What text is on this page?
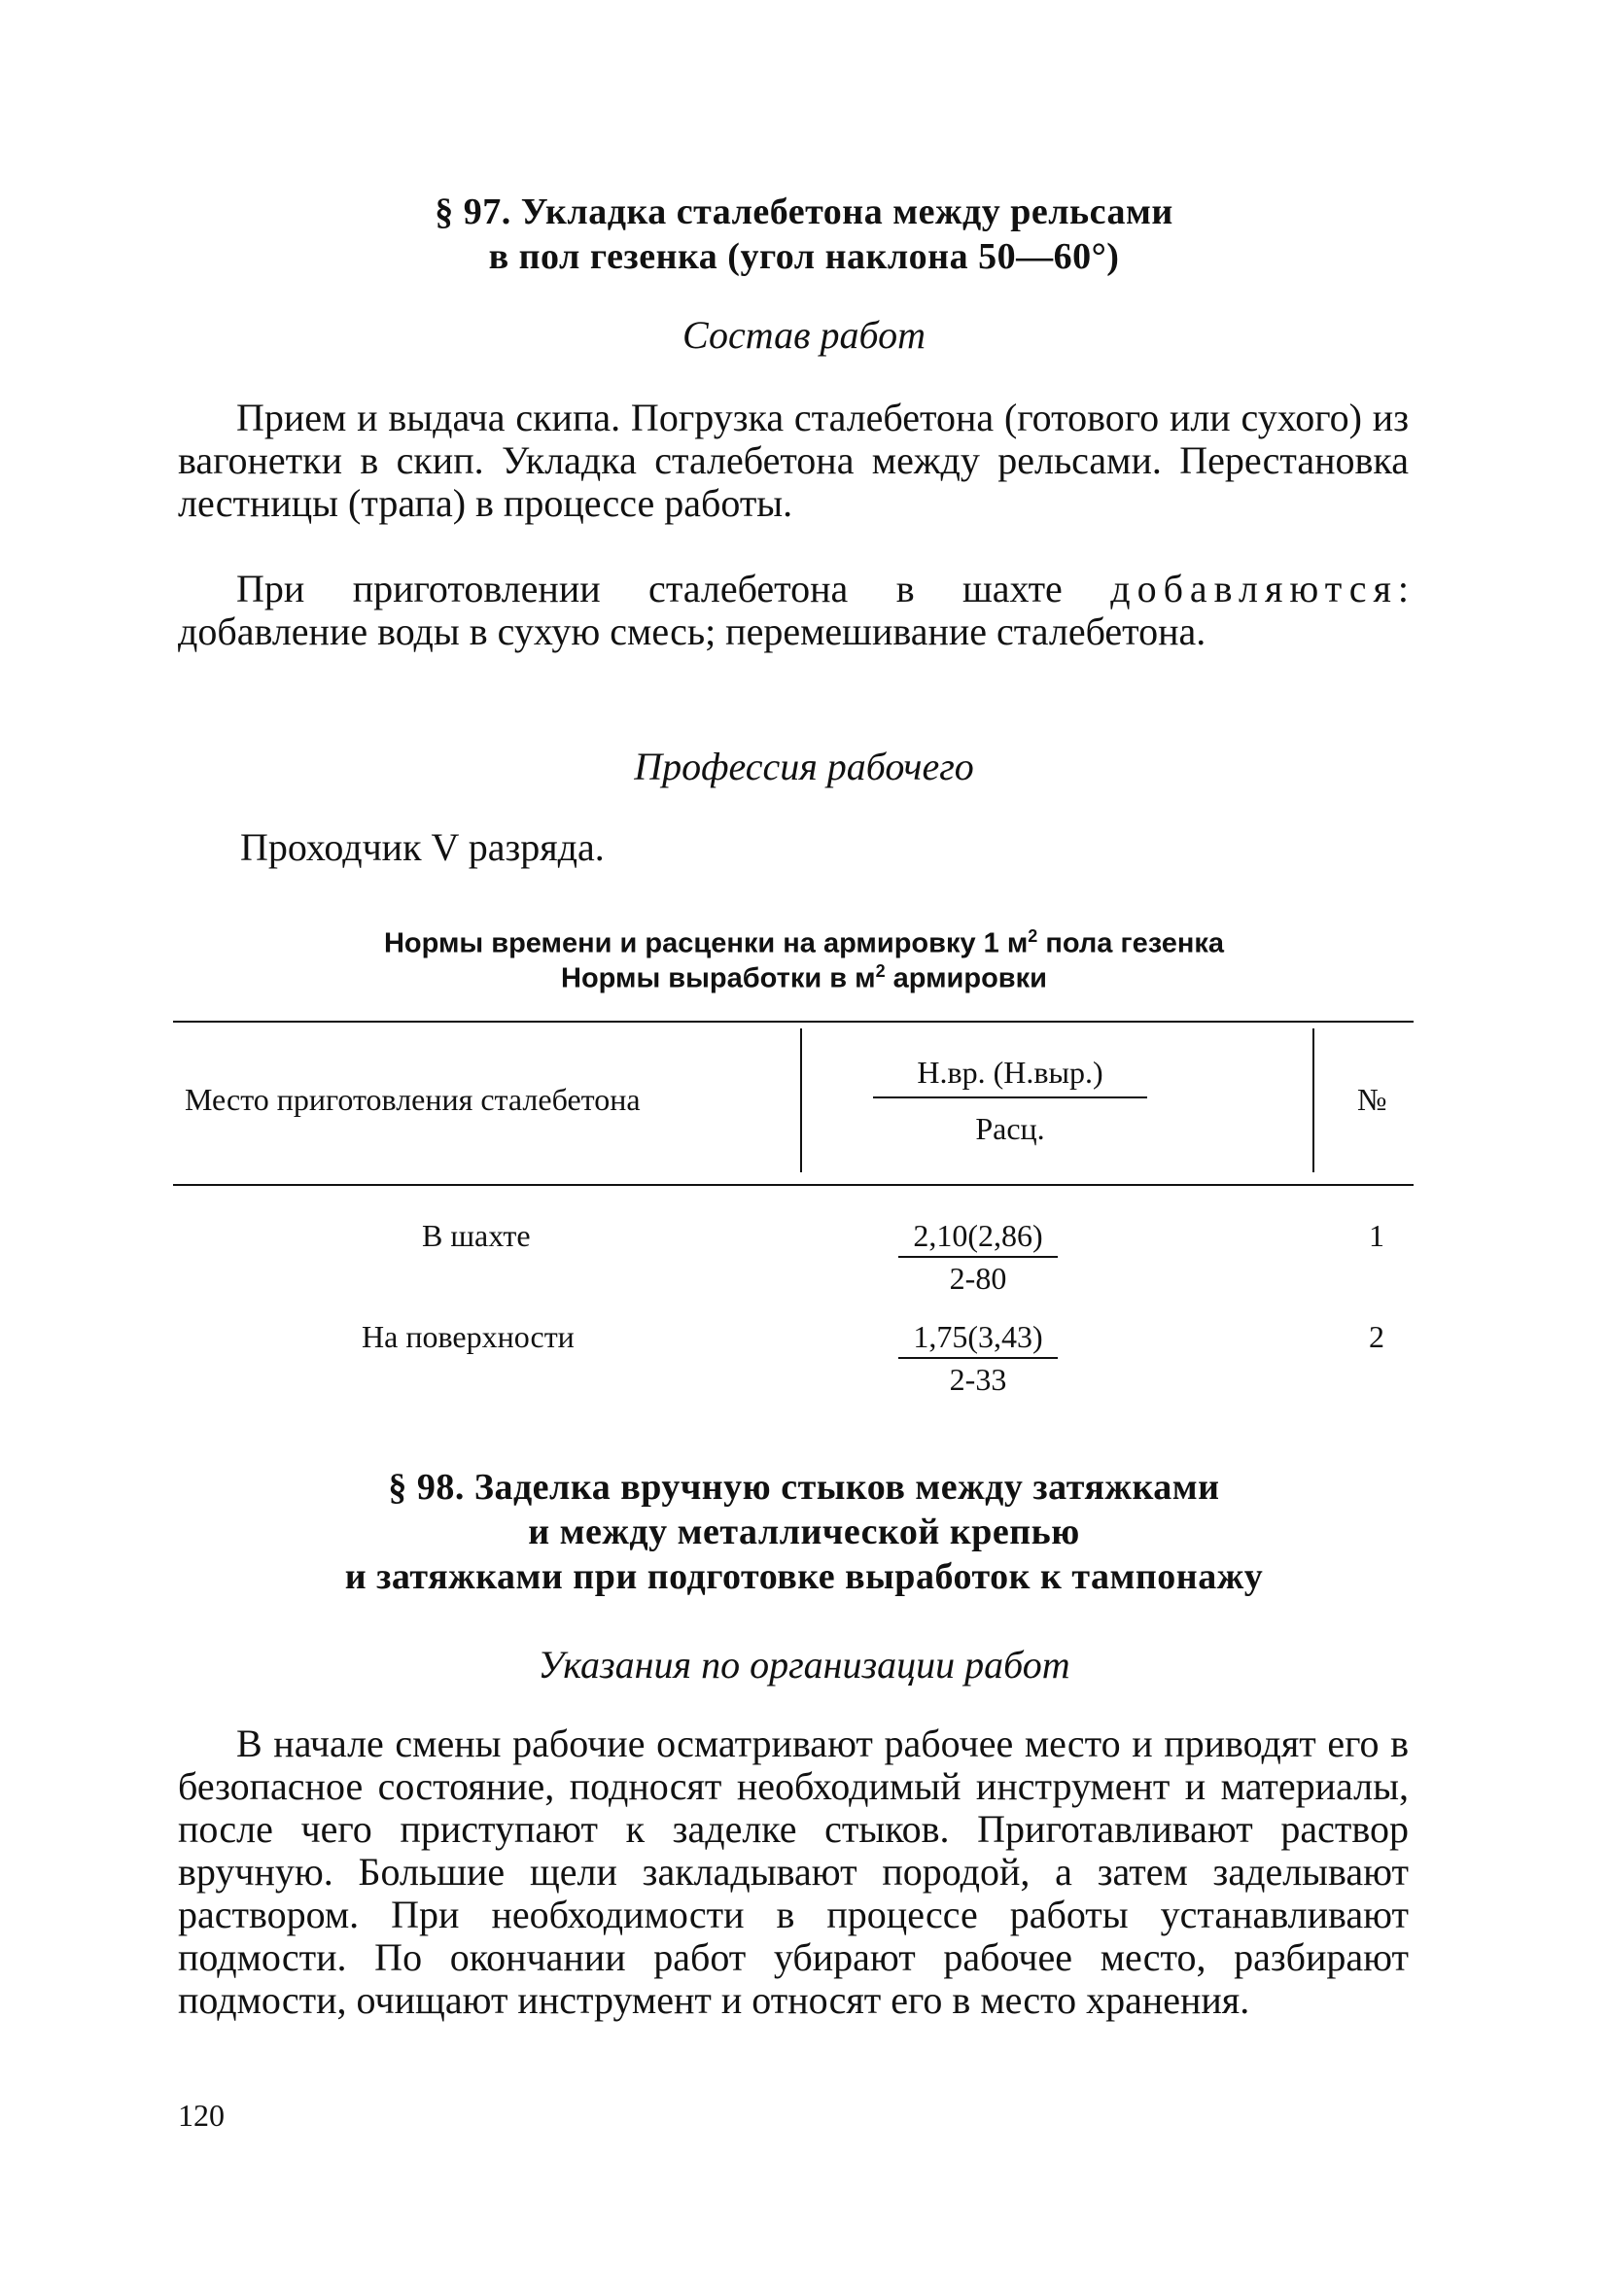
§ 97. Укладка сталебетона между рельсами
в пол гезенка (угол наклона 50—60°)
Состав работ

Прием и выдача скипа. Погрузка сталебетона (готового или сухого) из вагонетки в скип. Укладка сталебетона между рельсами. Перестановка лестницы (трапа) в процессе работы.

При приготовлении сталебетона в шахте добавляются: добавление воды в сухую смесь; перемешивание сталебетона.

Профессия рабочего

Проходчик V разряда.

Нормы времени и расценки на армировку 1 $м^2$ пола гезенка
Нормы выработки в $м^2$ армировки
Место приготовления сталебетона
Н.вр. (Н.выр.)
Расц.
№
В шахте	2,10(2,86)
2-80
1
На поверхности	1,75(3,43)
2-33
2
§ 98. Заделка вручную стыков между затяжками
и между металлической крепью
и затяжками при подготовке выработок к тампонажу
Указания по организации работ

В начале смены рабочие осматривают рабочее место и приводят его в безопасное состояние, подносят необходимый инструмент и материалы, после чего приступают к заделке стыков. Приготавливают раствор вручную. Большие щели закладывают породой, а затем заделывают раствором. При необходимости в процессе работы устанавливают подмости. По окончании работ убирают рабочее место, разбирают подмости, очищают инструмент и относят его в место хранения.

120
